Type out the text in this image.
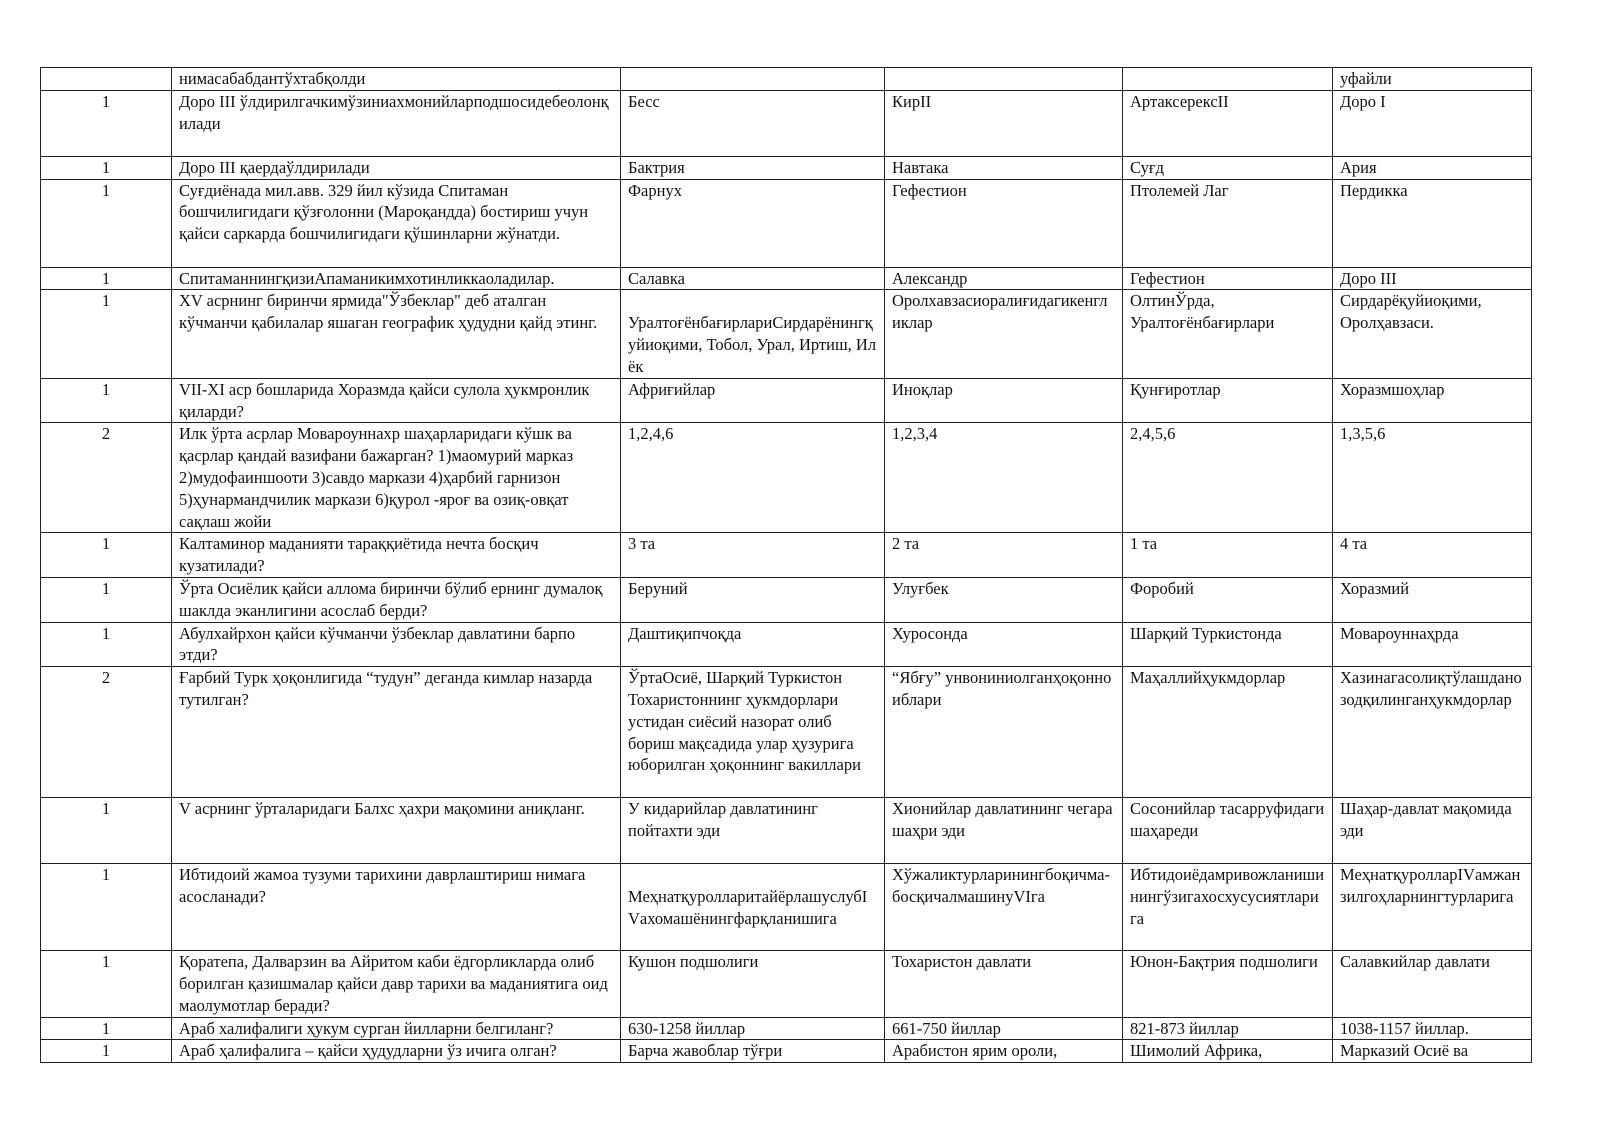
	нимасабабдантўхтабқолди				уфайли
1	Доро III ўлдирилгачкимўзиниахмонийларподшосидебеолонқилади	Бесс	КирII	АртаксерексII	Доро I
1	Доро III қаердаўлдирилади	Бактрия	Навтака	Суғд	Ария
1	Суғдиёнада мил.авв. 329 йил кўзида Спитаман бошчилигидаги қўзғолонни (Мароқандда) бостириш учун қайси саркарда бошчилигидаги қўшинларни жўнатди.	Фарнух	Гефестион	Птолемей Лаг	Пердикка
1	СпитаманнингқизиАпаманикимхотинликкаоладилар.	Салавка	Александр	Гефестион	Доро III
1	XV асрнинг биринчи ярмида"Ўзбеклар" деб аталган кўчманчи қабилалар яшаган географик ҳудудни қайд этинг.	УралтоғёнбағирлариСирдарёнингқуйиоқими, Тобол, Урал, Иртиш, Илёк	Оролхавзасиоралиғидагикенгликлар	ОлтинЎрда, Уралтоғёнбағирлари	Сирдарёқуйиоқими, Оролҳавзаси.
1	VII-XI аср бошларида Хоразмда қайси сулола ҳукмронлик қиларди?	Африғийлар	Иноқлар	Қунғиротлар	Хоразмшоҳлар
2	Илк ўрта асрлар Мовароуннахр шаҳарларидаги кўшк ва қасрлар қандай вазифани бажарган? 1)маомурий марказ 2)мудофаиншооти 3)савдо маркази 4)ҳарбий гарнизон 5)ҳунармандчилик маркази 6)қурол -яроғ ва озиқ-овқат сақлаш жойи	1,2,4,6	1,2,3,4	2,4,5,6	1,3,5,6
1	Калтаминор маданияти тараққиётида нечта босқич кузатилади?	3 та	2 та	1 та	4 та
1	Ўрта Осиёлик қайси аллома биринчи бўлиб ернинг думалоқ шаклда эканлигини асослаб берди?	Беруний	Улуғбек	Форобий	Хоразмий
1	Абулхайрхон қайси кўчманчи ўзбеклар давлатини барпо этди?	Даштиқипчоқда	Хуросонда	Шарқий Туркистонда	Мовароуннаҳрда
2	Ғарбий Турк ҳоқонлигида “тудун” деганда кимлар назарда тутилган?	ЎртаОсиё, Шарқий Туркистон Тохаристоннинг ҳукмдорлари устидан сиёсий назорат олиб бориш мақсадида улар ҳузурига юборилган ҳоқоннинг вакиллари	“Ябғу” унвониниолганҳоқонноиблари	Маҳаллийҳукмдорлар	Хазинагасолиқтўлашданозодқилинганҳукмдорлар
1	V асрнинг ўрталаридаги Балхс ҳахри мақомини аниқланг.	У кидарийлар давлатининг пойтахти эди	Хионийлар давлатининг чегара шаҳри эди	Сосонийлар тасарруфидаги шаҳареди	Шаҳар-давлат мақомида эди
1	Ибтидоий жамоа тузуми тарихини даврлаштириш нимага асосланади?	МеҳнатқуроллaритайёрлашуслубIVахомашёнингфарқланишига	Хўжаликтурларинингбоқичма-босқичалмашинуVIга	Ибтидоиёдамривожланишинингўзигахосхусусиятларига	МеҳнатқуроллaрIVамжанзилгоҳларнингтурларига
1	Қоратепа, Далварзин ва Айритом каби ёдгорликларда олиб борилган қазишмалар қайси давр тарихи ва маданиятига оид маолумотлар беради?	Кушон подшолиги	Тохаристон давлати	Юнон-Бақтрия подшолиги	Салавкийлар давлати
1	Араб халифалиги ҳукум сурган йилларни белгиланг?	630-1258 йиллар	661-750 йиллар	821-873 йиллар	1038-1157 йиллар.
1	Араб ҳалифалига – қайси ҳудудларни ўз ичига олган?	Барча жавоблар тўғри	Арабистон ярим ороли,	Шимолий Африка,	Марказий Осиё ва
